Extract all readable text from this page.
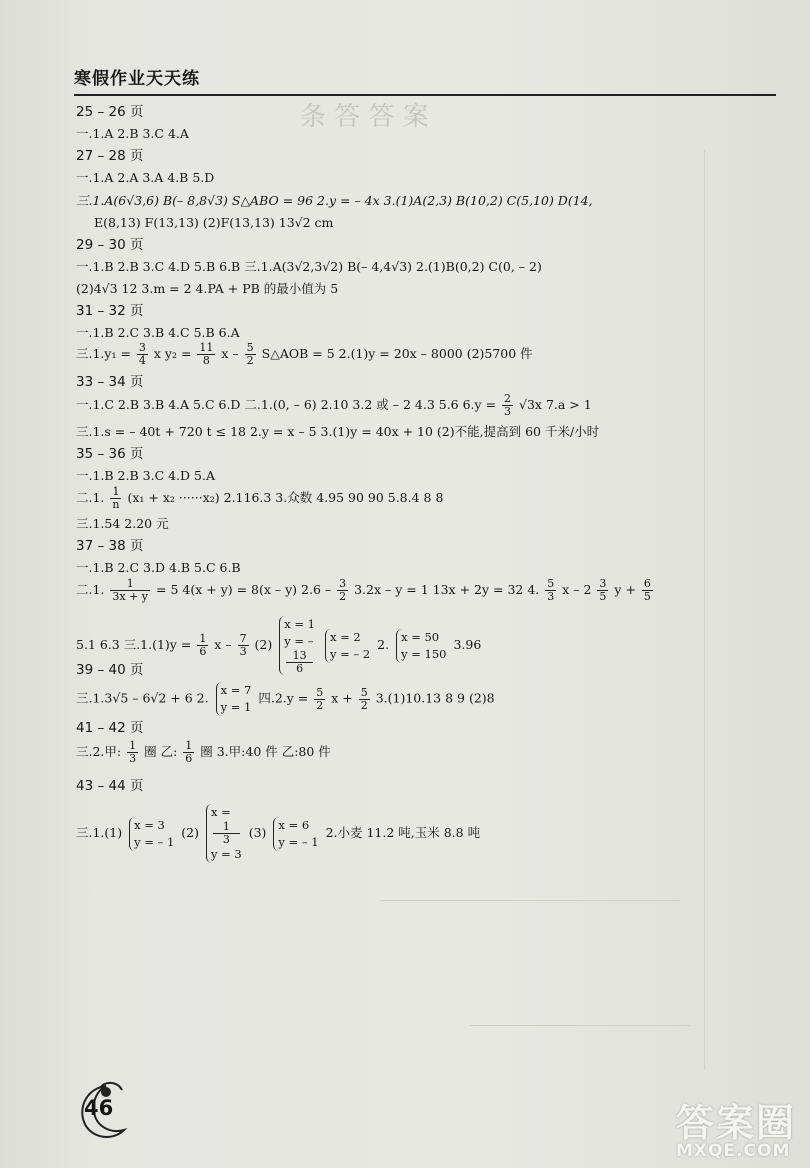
条 答 答 案
寒假作业天天练
25 – 26 页
一.1.A 2.B 3.C 4.A
27 – 28 页
一.1.A 2.A 3.A 4.B 5.D
三.1.A(6√3,6) B(– 8,8√3) S△ABO = 96 2.y = – 4x 3.(1)A(2,3) B(10,2) C(5,10) D(14,
E(8,13) F(13,13) (2)F(13,13) 13√2 cm
29 – 30 页
一.1.B 2.B 3.C 4.D 5.B 6.B 三.1.A(3√2,3√2) B(– 4,4√3) 2.(1)B(0,2) C(0, – 2)
(2)4√3 12 3.m = 2 4.PA + PB 的最小值为 5
31 – 32 页
一.1.B 2.C 3.B 4.C 5.B 6.A
三$.1.y_1 = \frac{3}{4}$ x $y_2 = \frac{11}{8}$ x – $\frac{5}{2}$ S△AOB = 5 2.(1)y = 20x – 8000 (2)5700 件
33 – 34 页
一.1.C 2.B 3.B 4.A 5.C 6.D 二.1.(0, – 6) 2.10 3.2 或 – 2 4.3 5.6 $6.y = \frac{2}{3} √3x$ 7.a > 1
三.1.s = – 40t + 720 t ≤ 18 2.y = x – 5 3.(1)y = 40x + 10 (2)不能,提高到 60 千米/小时
35 – 36 页
一.1.B 2.B 3.C 4.D 5.A
二.1. $\frac{1}{n} (x_1 + x_2 \cdot\cdot\cdot\cdot\cdot\cdot x_2)$ 2.116.3 3.众数 4.95 90 90 5.8.4 8 8
三.1.54 2.20 元
37 – 38 页
一.1.B 2.C 3.D 4.B 5.C 6.B
二.1. $\frac{1}{3x + y} = 5$ 4(x + y) = 8(x – y) $2.6 - \frac{3}{2} 3.2x - y = 1$ 13x + 2y = 32 4. $\frac{5}{3}$ x – $2 \frac{3}{5}$ $y + \frac{6}{5}$
5.1 6.3 三$.1.(1)y = \frac{1}{6}$ x – $\frac{7}{3} (2)$
x = 1
y = –
13
6

x = 2
y = – 2
2.
x = 50
y = 150
3.96
39 – 40 页
三.1.3√5 – 6√2 + 6 2.
x = 7
y = 1
四$.2.y = \frac{5}{2}$ $x + \frac{5}{2} 3.(1)10.13$ 8 9 (2)8
41 – 42 页
三.2.甲: $\frac{1}{3}$ 圈 乙: $\frac{1}{6}$ 圈 3.甲:40 件 乙:80 件
43 – 44 页
三.1.(1)
x = 3
y = – 1
(2)
x =
1
3
y = 3
(3)
x = 6
y = – 1
2.小麦 11.2 吨,玉米 8.8 吨
46	答案圈
MXQE.COM
